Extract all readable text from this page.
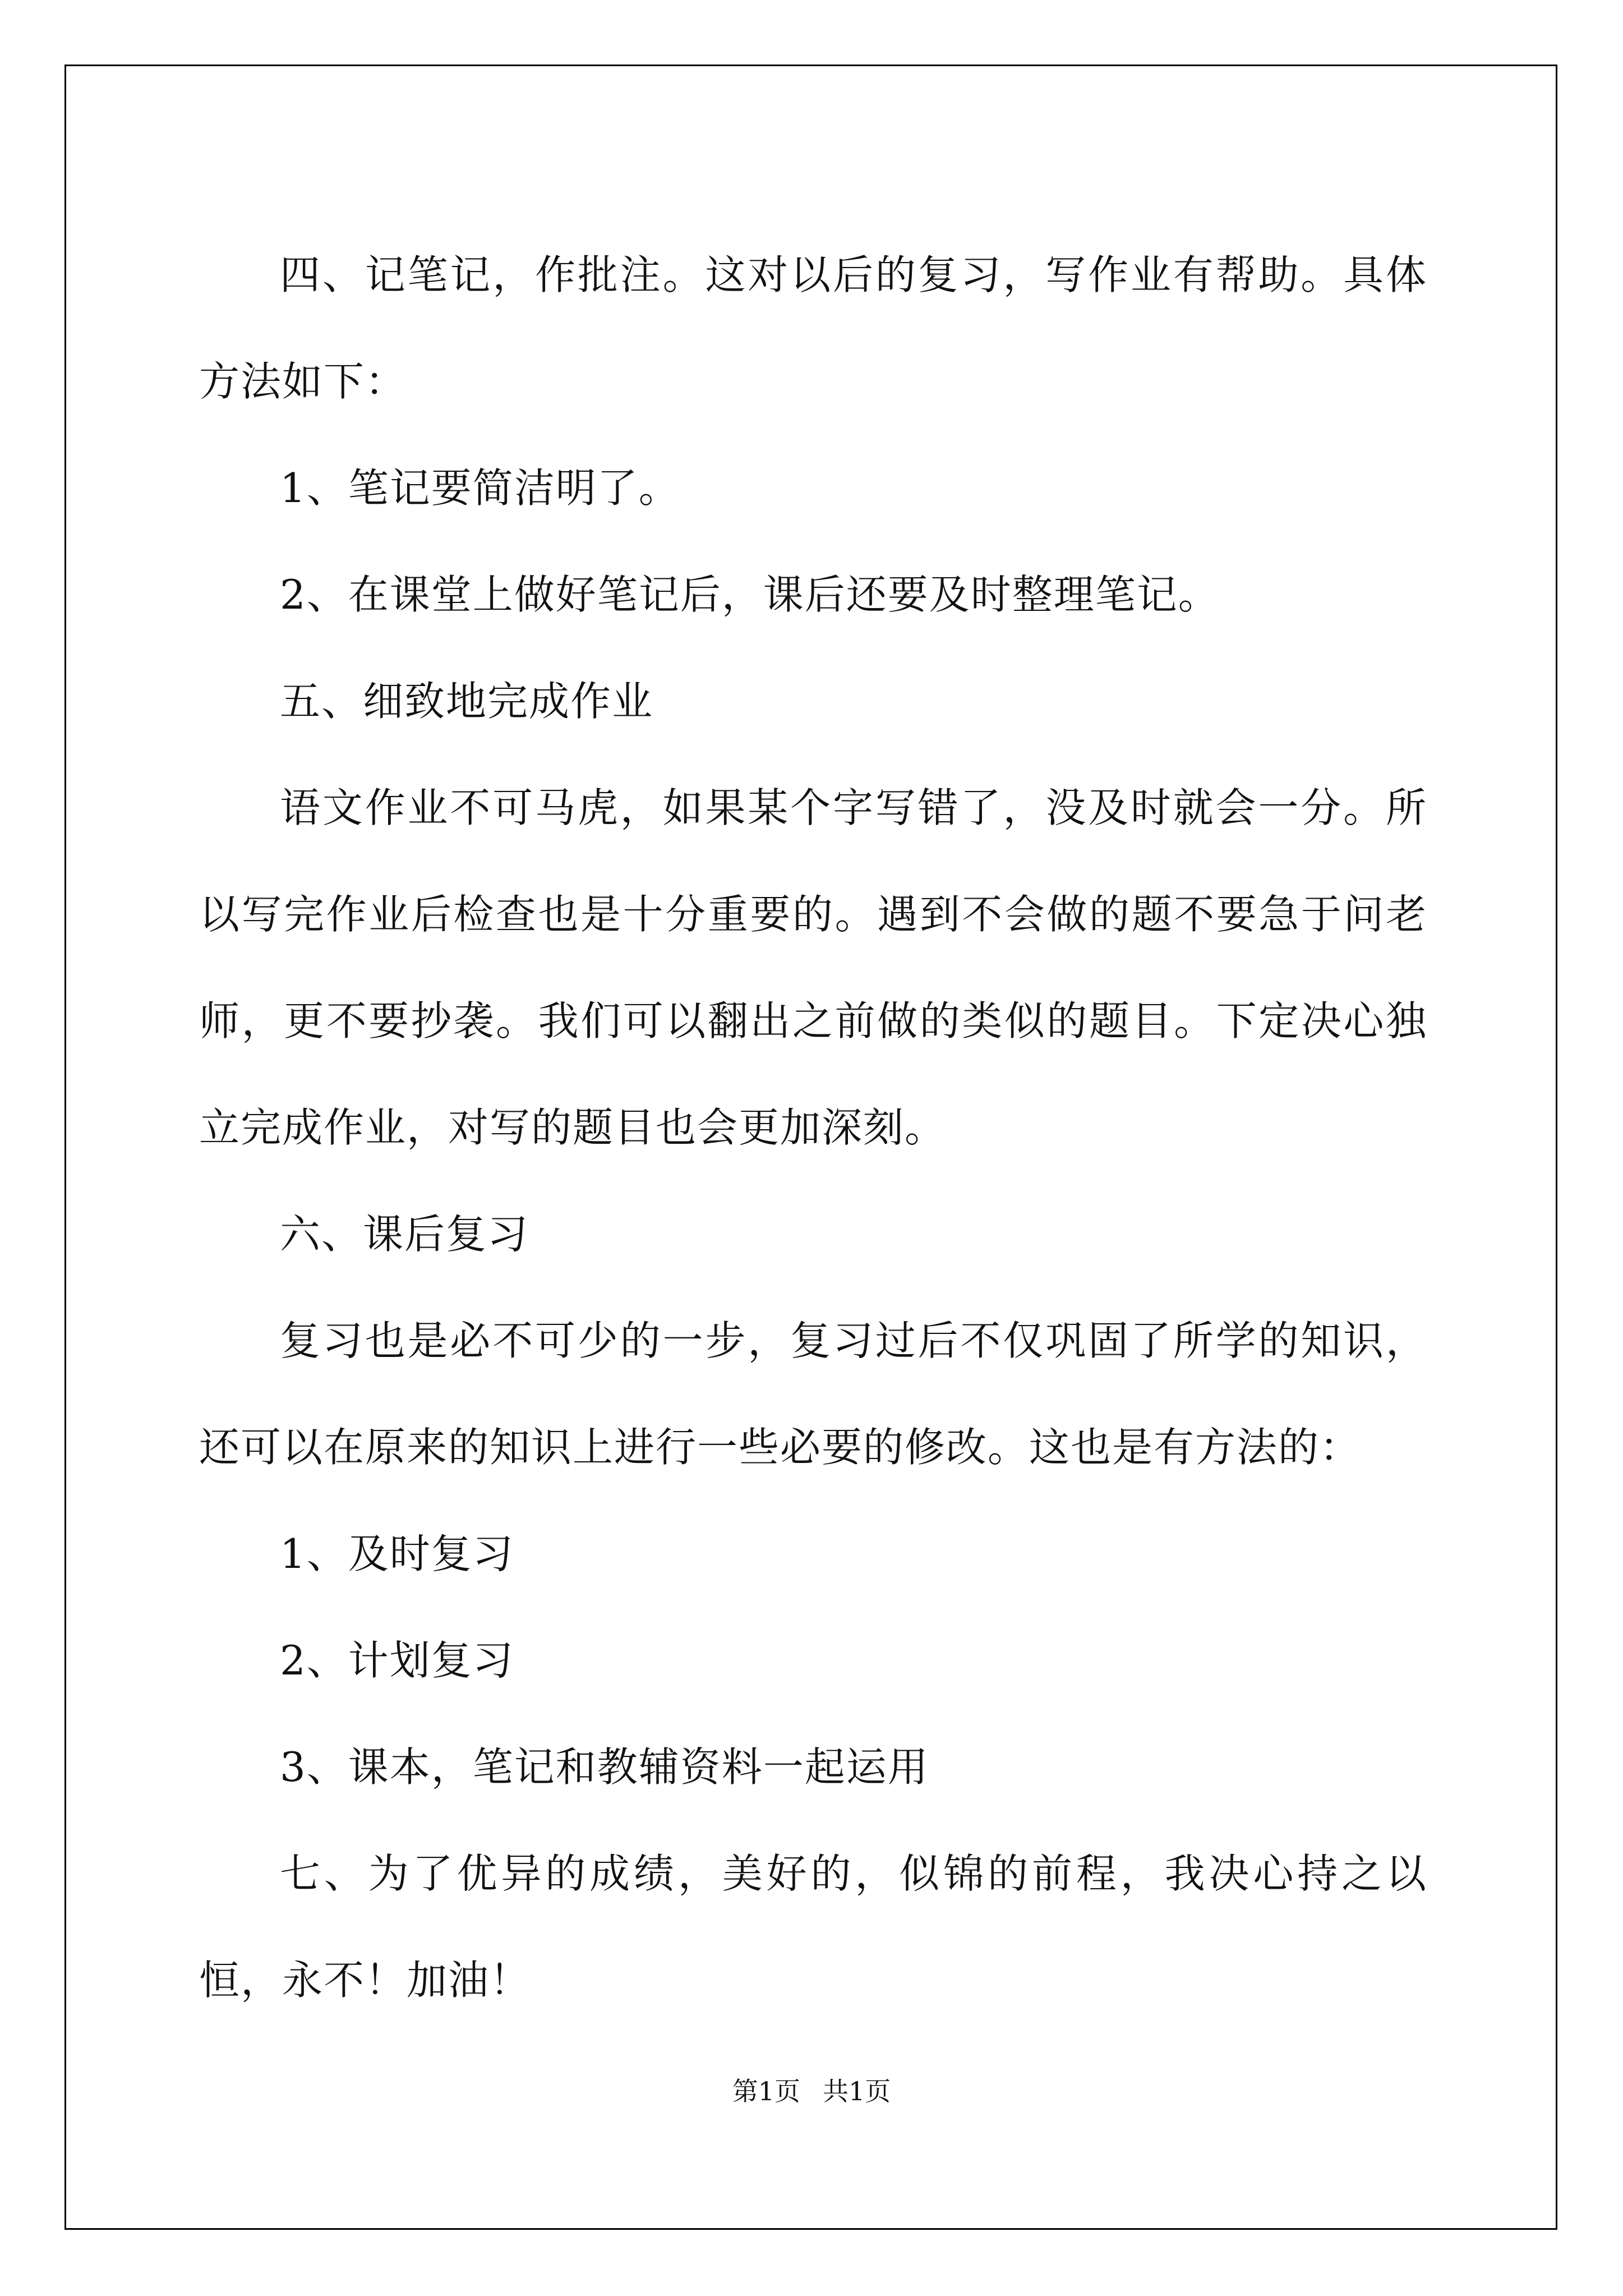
四、记笔记，作批注。这对以后的复习，写作业有帮助。具体方法如下：

1、笔记要简洁明了。

2、在课堂上做好笔记后，课后还要及时整理笔记。

五、细致地完成作业

语文作业不可马虎，如果某个字写错了，没及时就会一分。所以写完作业后检查也是十分重要的。遇到不会做的题不要急于问老师，更不要抄袭。我们可以翻出之前做的类似的题目。下定决心独立完成作业，对写的题目也会更加深刻。

六、课后复习

复习也是必不可少的一步，复习过后不仅巩固了所学的知识，还可以在原来的知识上进行一些必要的修改。这也是有方法的：

1、及时复习

2、计划复习

3、课本，笔记和教辅资料一起运用

七、为了优异的成绩，美好的，似锦的前程，我决心持之以恒，永不！加油！

第1页 共1页
